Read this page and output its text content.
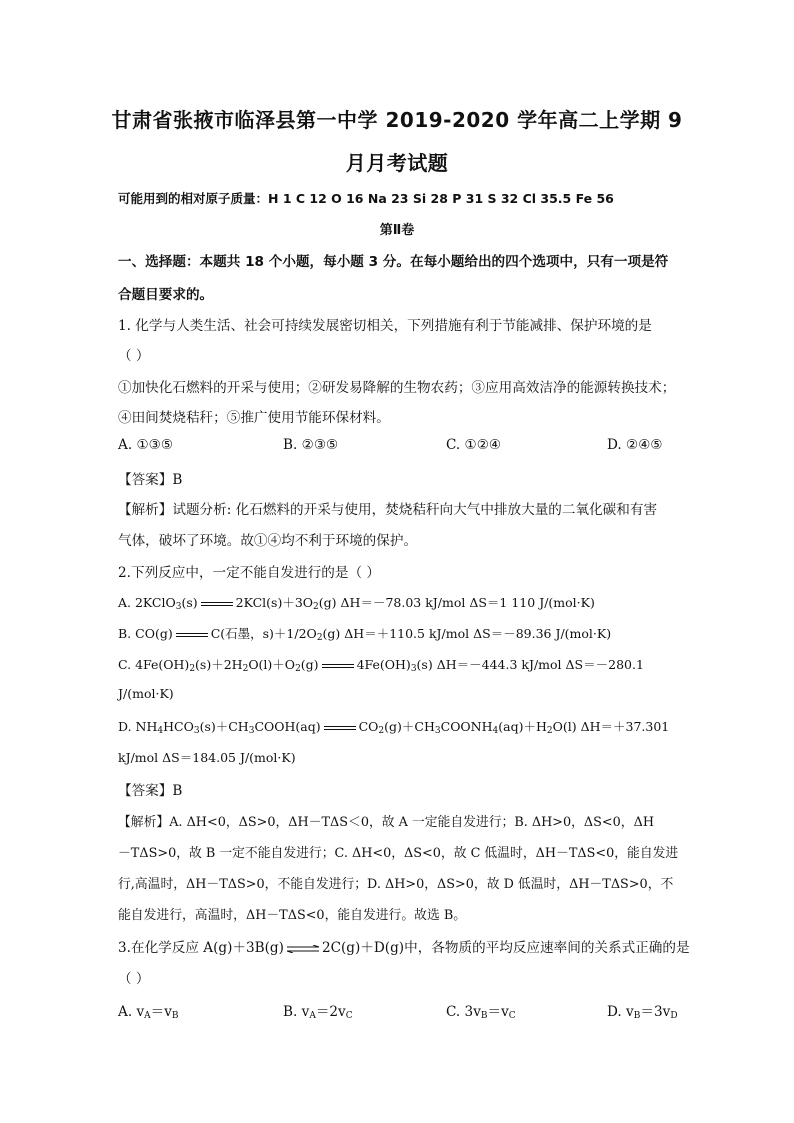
甘肃省张掖市临泽县第一中学 2019-2020 学年高二上学期 9
月月考试题
可能用到的相对原子质量：H 1 C 12 O 16 Na 23 Si 28 P 31 S 32 Cl 35.5 Fe 56
第Ⅱ卷
一、选择题：本题共 18 个小题，每小题 3 分。在每小题给出的四个选项中，只有一项是符
合题目要求的。
1. 化学与人类生活、社会可持续发展密切相关，下列措施有利于节能减排、保护环境的是
（ ）
①加快化石燃料的开采与使用；②研发易降解的生物农药；③应用高效洁净的能源转换技术；
④田间焚烧秸秆；⑤推广使用节能环保材料。
A. ①③⑤	B. ②③⑤	C. ①②④	D. ②④⑤
【答案】B
【解析】试题分析: 化石燃料的开采与使用，焚烧秸秆向大气中排放大量的二氧化碳和有害
气体，破坏了环境。故①④均不利于环境的保护。
2.下列反应中，一定不能自发进行的是（ ）
A. 2KClO$_3$(s)	$2KCl(s)+3O_2(g)$ ΔH＝－78.03 kJ/mol ΔS＝1 110 J/(mol·K)
B. CO(g)	C(石墨，$s)+1/2O_2(g)$ ΔH＝＋110.5 kJ/mol ΔS＝－89.36 J/(mol·K)
C. $4Fe(OH)_2(s)+2H_2O(l)+O_2(g)$	$4Fe(OH)_3(s)$ ΔH＝－444.3 kJ/mol ΔS＝－280.1
J/(mol·K)
D. $NH_4HCO_3(s)+CH_3COOH(aq)$	$CO_2(g)+CH_3COONH_4(aq)+H_2O(l)$ ΔH＝＋37.301
kJ/mol ΔS＝184.05 J/(mol·K)
【答案】B
【解析】A. ΔH<0，ΔS>0，ΔH－TΔS＜0，故 A 一定能自发进行；B. ΔH>0，ΔS<0，ΔH
－TΔS>0，故 B 一定不能自发进行；C. ΔH<0，ΔS<0，故 C 低温时，ΔH－TΔS<0，能自发进
行,高温时，ΔH－TΔS>0，不能自发进行；D. ΔH>0，ΔS>0，故 D 低温时，ΔH－TΔS>0，不
能自发进行，高温时，ΔH－TΔS<0，能自发进行。故选 B。
3.在化学反应 A(g)＋3B(g) ⇌ 2C(g)＋D(g)中，各物质的平均反应速率间的关系式正确的是
（ ）
A. $v_A=v_B$	B. $v_A=2v_C$	C. $3v_B=v_C$	D. $v_B=3v_D$
